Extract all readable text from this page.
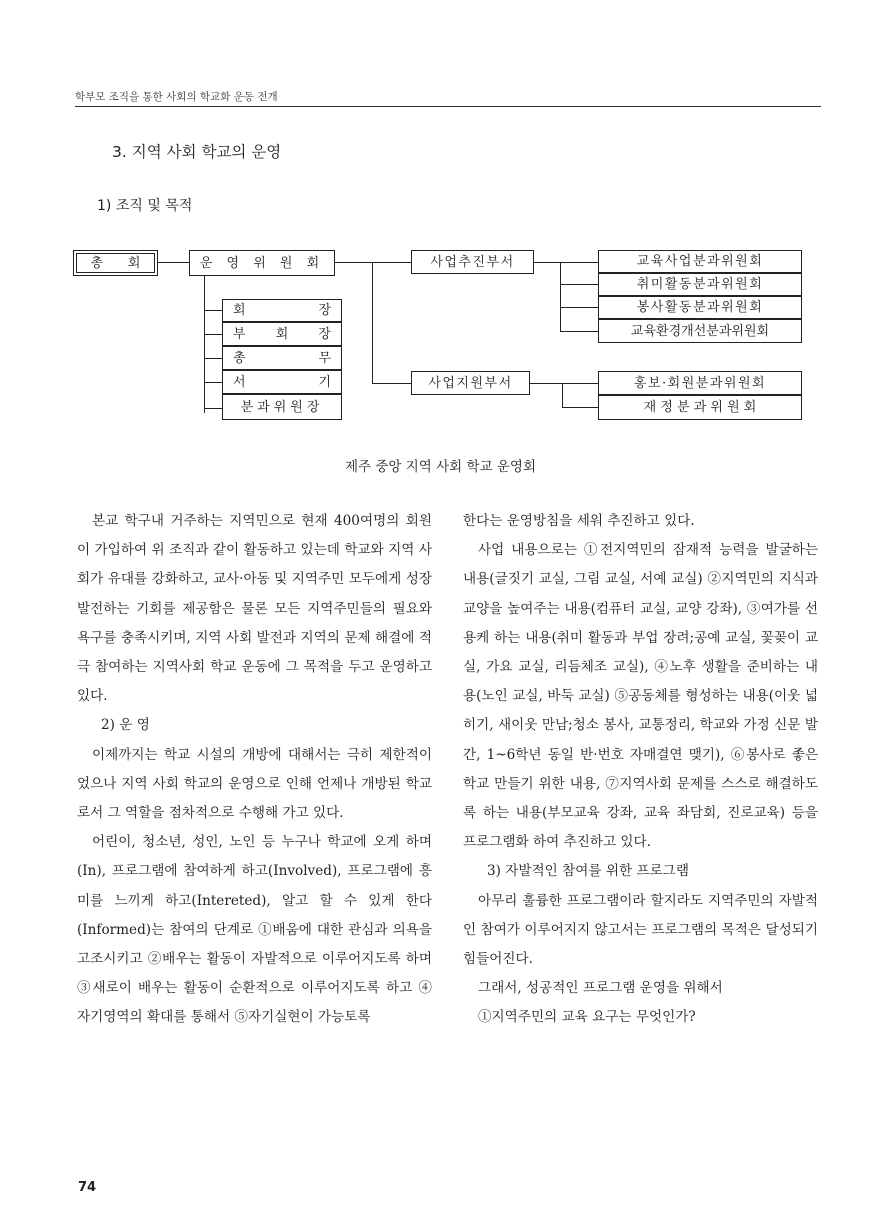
학부모 조직을 통한 사회의 학교화 운동 전개
3. 지역 사회 학교의 운영
1) 조직 및 목적
총      회	운 영 위 원 회
회 장
부 회 장
총 무
서 기
분과위원장
사업추진부서
사업지원부서
교육사업분과위원회
취미활동분과위원회
봉사활동분과위원회
교육환경개선분과위원회
홍보·회원분과위원회
재 정 분 과 위 원 회
제주 중앙 지역 사회 학교 운영회

본교 학구내 거주하는 지역민으로 현재 400여명의 회원이 가입하여 위 조직과 같이 활동하고 있는데 학교와 지역 사회가 유대를 강화하고, 교사·아동 및 지역주민 모두에게 성장 발전하는 기회를 제공함은 물론 모든 지역주민들의 필요와 욕구를 충족시키며, 지역 사회 발전과 지역의 문제 해결에 적극 참여하는 지역사회 학교 운동에 그 목적을 두고 운영하고 있다.

2) 운 영

이제까지는 학교 시설의 개방에 대해서는 극히 제한적이었으나 지역 사회 학교의 운영으로 인해 언제나 개방된 학교로서 그 역할을 점차적으로 수행해 가고 있다.

어린이, 청소년, 성인, 노인 등 누구나 학교에 오게 하며(In), 프로그램에 참여하게 하고(Involved), 프로그램에 흥미를 느끼게 하고(Intereted), 알고 할 수 있게 한다(Informed)는 참여의 단계로 ①배움에 대한 관심과 의욕을 고조시키고 ②배우는 활동이 자발적으로 이루어지도록 하며 ③새로이 배우는 활동이 순환적으로 이루어지도록 하고 ④자기영역의 확대를 통해서 ⑤자기실현이 가능토록

한다는 운영방침을 세워 추진하고 있다.

사업 내용으로는 ①전지역민의 잠재적 능력을 발굴하는 내용(글짓기 교실, 그림 교실, 서예 교실) ②지역민의 지식과 교양을 높여주는 내용(컴퓨터 교실, 교양 강좌), ③여가를 선용케 하는 내용(취미 활동과 부업 장려;공예 교실, 꽃꽂이 교실, 가요 교실, 리듬체조 교실), ④노후 생활을 준비하는 내용(노인 교실, 바둑 교실) ⑤공동체를 형성하는 내용(이웃 넓히기, 새이웃 만남;청소 봉사, 교통정리, 학교와 가정 신문 발간, 1~6학년 동일 반·번호 자매결연 맺기), ⑥봉사로 좋은 학교 만들기 위한 내용, ⑦지역사회 문제를 스스로 해결하도록 하는 내용(부모교육 강좌, 교육 좌담회, 진로교육) 등을 프로그램화 하여 추진하고 있다.

3) 자발적인 참여를 위한 프로그램

아무리 훌륭한 프로그램이라 할지라도 지역주민의 자발적인 참여가 이루어지지 않고서는 프로그램의 목적은 달성되기 힘들어진다.

그래서, 성공적인 프로그램 운영을 위해서

①지역주민의 교육 요구는 무엇인가?

74
